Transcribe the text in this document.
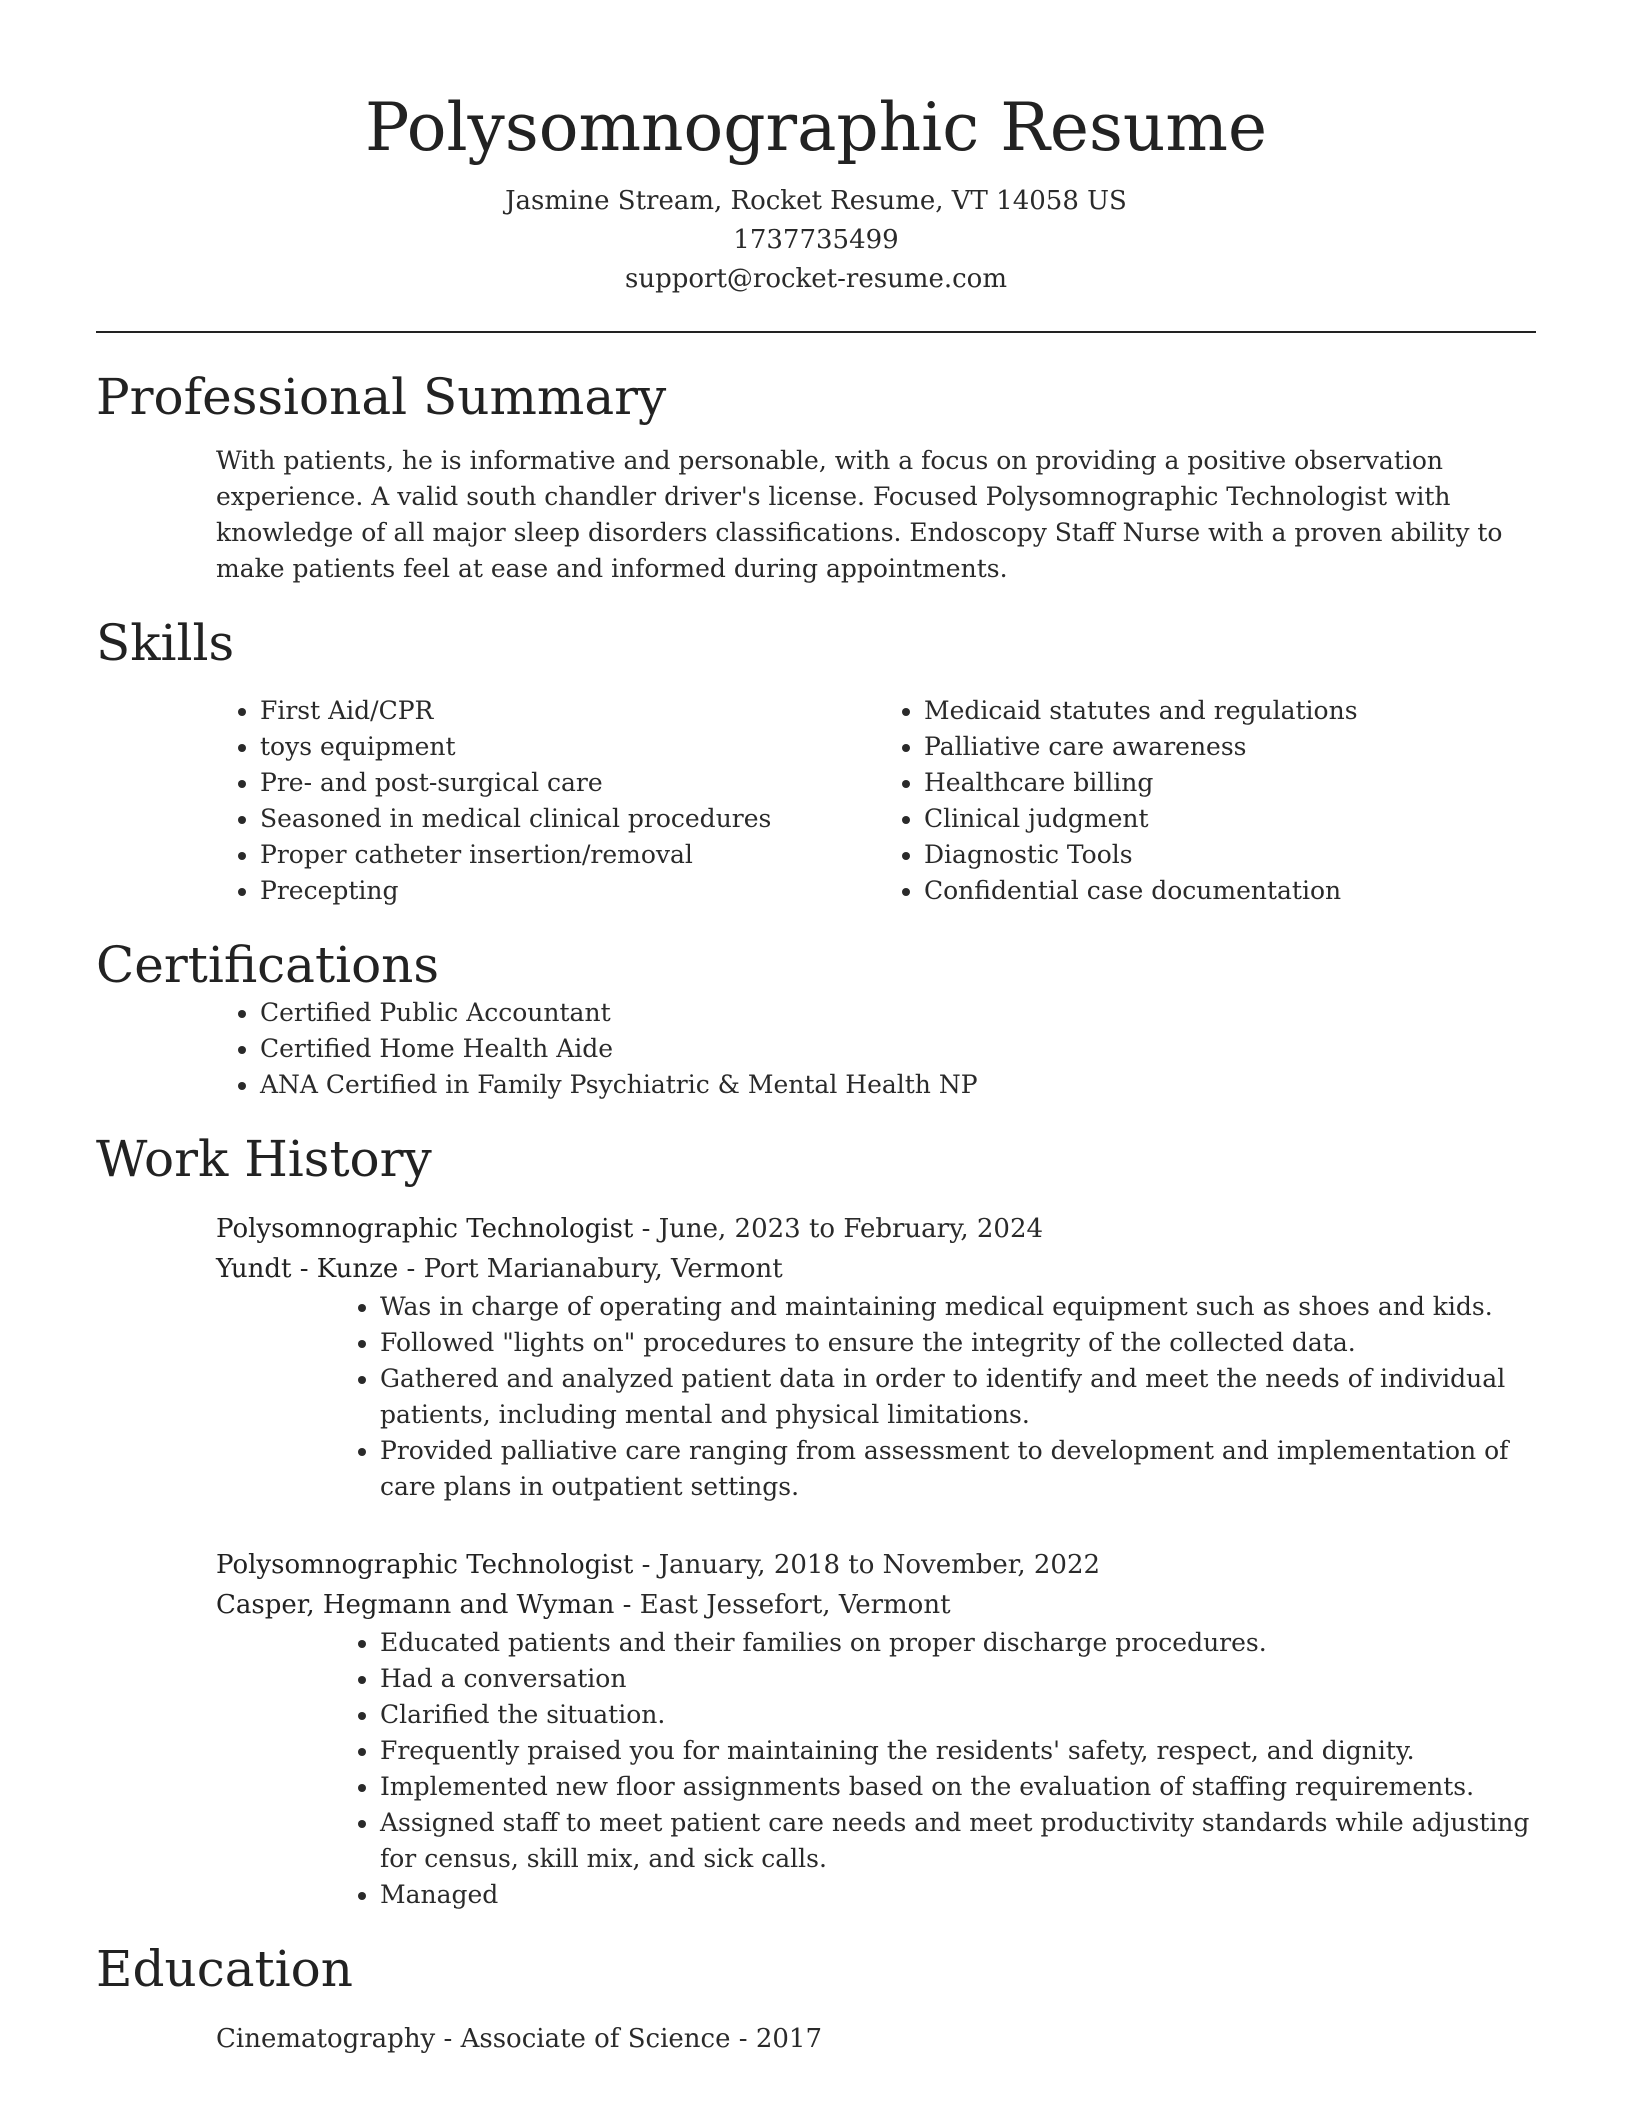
Polysomnographic Resume
Jasmine Stream, Rocket Resume, VT 14058 US
1737735499
support@rocket-resume.com
Professional Summary
With patients, he is informative and personable, with a focus on providing a positive observation experience. A valid south chandler driver's license. Focused Polysomnographic Technologist with knowledge of all major sleep disorders classifications. Endoscopy Staff Nurse with a proven ability to make patients feel at ease and informed during appointments.
Skills
• First Aid/CPR
• toys equipment
• Pre- and post-surgical care
• Seasoned in medical clinical procedures
• Proper catheter insertion/removal
• Precepting
• Medicaid statutes and regulations
• Palliative care awareness
• Healthcare billing
• Clinical judgment
• Diagnostic Tools
• Confidential case documentation
Certifications
• Certified Public Accountant
• Certified Home Health Aide
• ANA Certified in Family Psychiatric & Mental Health NP
Work History
Polysomnographic Technologist - June, 2023 to February, 2024
Yundt - Kunze - Port Marianabury, Vermont
• Was in charge of operating and maintaining medical equipment such as shoes and kids.
• Followed "lights on" procedures to ensure the integrity of the collected data.
• Gathered and analyzed patient data in order to identify and meet the needs of individual patients, including mental and physical limitations.
• Provided palliative care ranging from assessment to development and implementation of care plans in outpatient settings.
Polysomnographic Technologist - January, 2018 to November, 2022
Casper, Hegmann and Wyman - East Jessefort, Vermont
• Educated patients and their families on proper discharge procedures.
• Had a conversation
• Clarified the situation.
• Frequently praised you for maintaining the residents' safety, respect, and dignity.
• Implemented new floor assignments based on the evaluation of staffing requirements.
• Assigned staff to meet patient care needs and meet productivity standards while adjusting for census, skill mix, and sick calls.
• Managed
Education
Cinematography - Associate of Science - 2017
